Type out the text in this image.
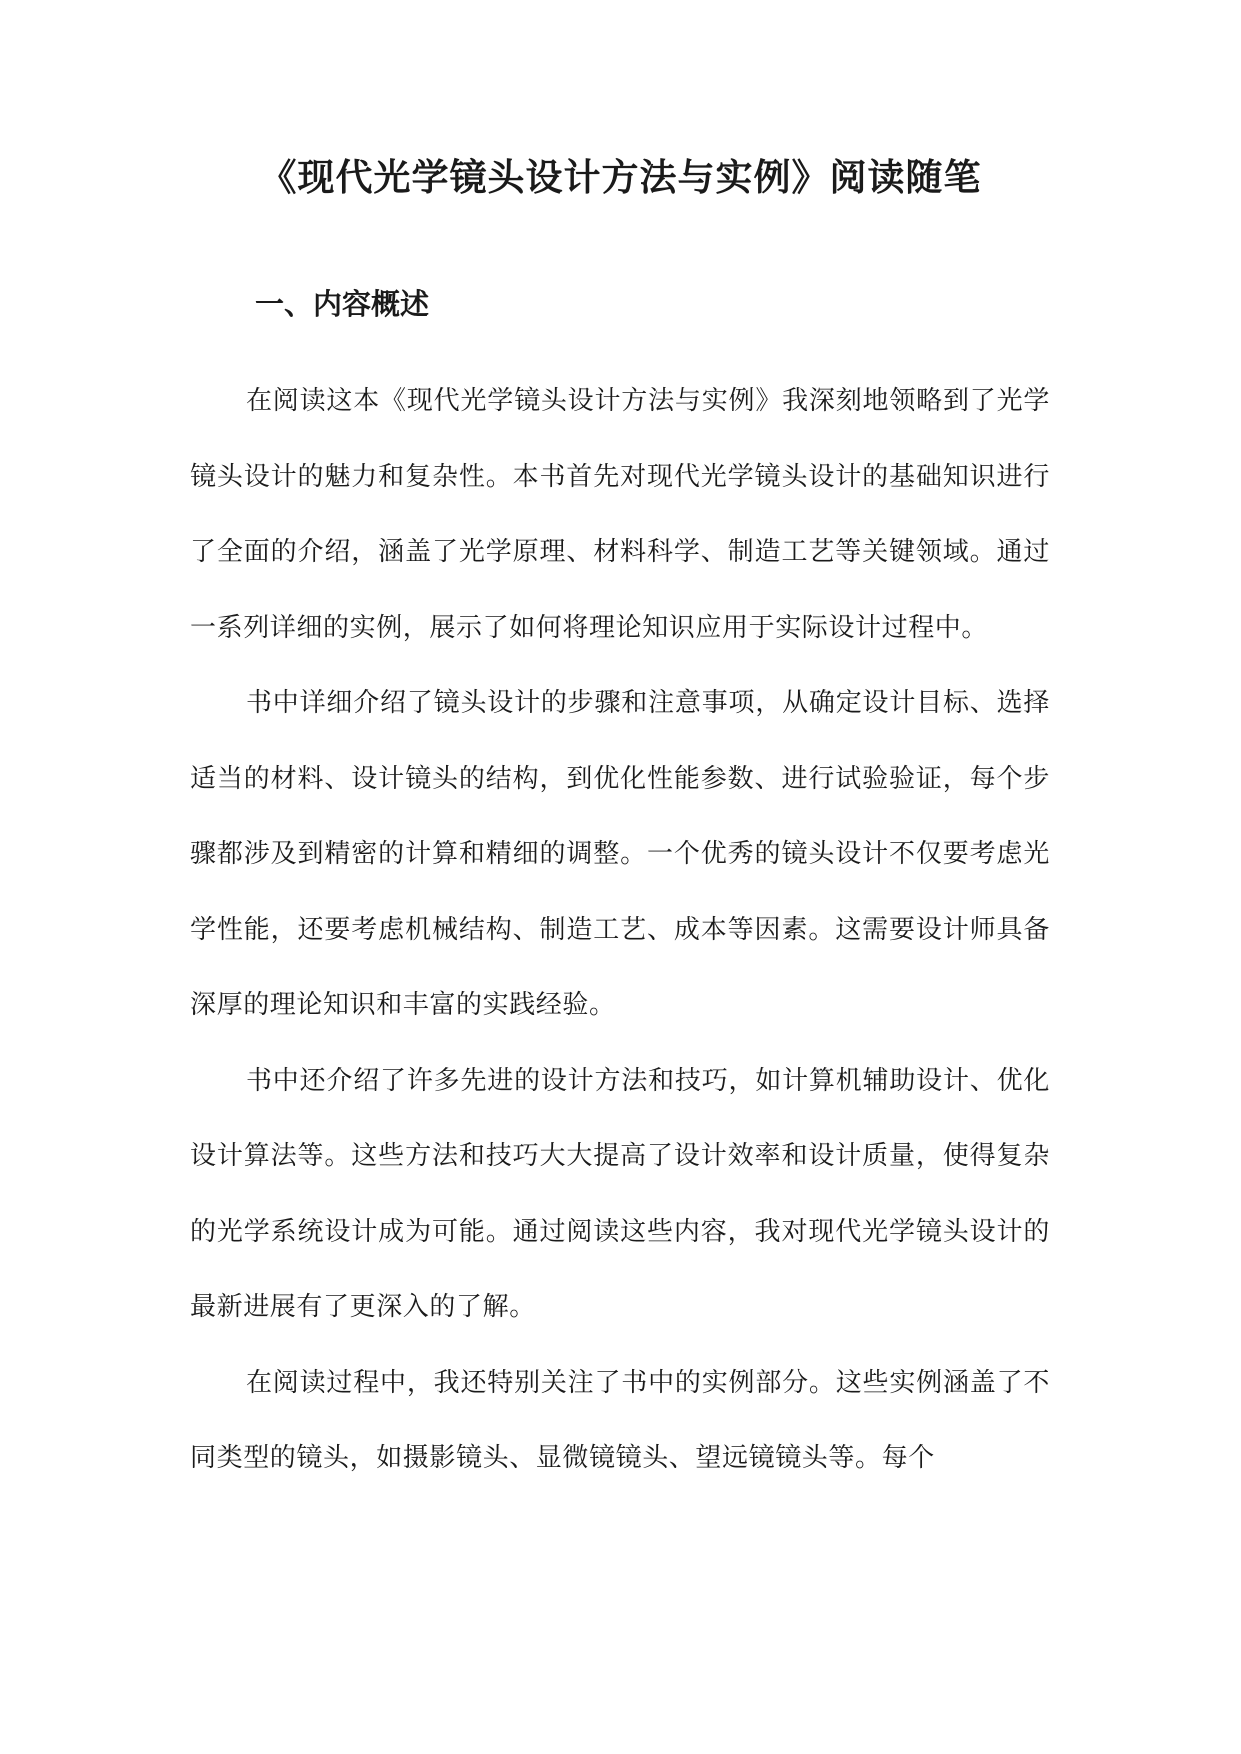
《现代光学镜头设计方法与实例》阅读随笔
一、内容概述

在阅读这本《现代光学镜头设计方法与实例》我深刻地领略到了光学镜头设计的魅力和复杂性。本书首先对现代光学镜头设计的基础知识进行了全面的介绍，涵盖了光学原理、材料科学、制造工艺等关键领域。通过一系列详细的实例，展示了如何将理论知识应用于实际设计过程中。

书中详细介绍了镜头设计的步骤和注意事项，从确定设计目标、选择适当的材料、设计镜头的结构，到优化性能参数、进行试验验证，每个步骤都涉及到精密的计算和精细的调整。一个优秀的镜头设计不仅要考虑光学性能，还要考虑机械结构、制造工艺、成本等因素。这需要设计师具备深厚的理论知识和丰富的实践经验。

书中还介绍了许多先进的设计方法和技巧，如计算机辅助设计、优化设计算法等。这些方法和技巧大大提高了设计效率和设计质量，使得复杂的光学系统设计成为可能。通过阅读这些内容，我对现代光学镜头设计的最新进展有了更深入的了解。

在阅读过程中，我还特别关注了书中的实例部分。这些实例涵盖了不同类型的镜头，如摄影镜头、显微镜镜头、望远镜镜头等。每个
